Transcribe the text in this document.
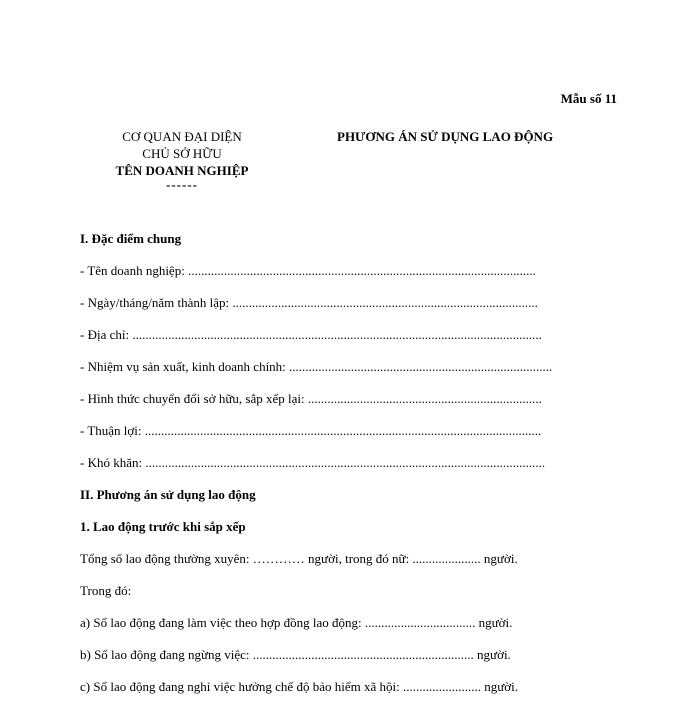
Mẫu số 11
CƠ QUAN ĐẠI DIỆN
CHỦ SỞ HỮU
TÊN DOANH NGHIỆP
------
PHƯƠNG ÁN SỬ DỤNG LAO ĐỘNG
I. Đặc điểm chung
- Tên doanh nghiệp: ...........................................................................................................
- Ngày/tháng/năm thành lập: ..............................................................................................
- Địa chỉ: ..............................................................................................................................
- Nhiệm vụ sản xuất, kinh doanh chính: .................................................................................
- Hình thức chuyển đổi sở hữu, sắp xếp lại: ........................................................................
- Thuận lợi: ..........................................................................................................................
- Khó khăn: ...........................................................................................................................
II. Phương án sử dụng lao động
1. Lao động trước khi sắp xếp
Tổng số lao động thường xuyên: ………… người, trong đó nữ: ..................... người.
Trong đó:
a) Số lao động đang làm việc theo hợp đồng lao động: .................................. người.
b) Số lao động đang ngừng việc: .................................................................... người.
c) Số lao động đang nghỉ việc hưởng chế độ bảo hiểm xã hội: ........................ người.
